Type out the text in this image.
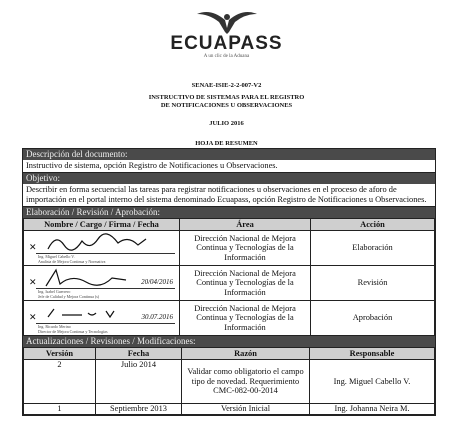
ECUAPASS
A un clic de la Aduana
SENAE-ISIE-2-2-007-V2
INSTRUCTIVO DE SISTEMAS PARA EL REGISTRO
DE NOTIFICACIONES U OBSERVACIONES
JULIO 2016
HOJA DE RESUMEN
Descripción del documento:
Instructivo de sistema, opción Registro de Notificaciones u Observaciones.
Objetivo:
Describir en forma secuencial las tareas para registrar notificaciones u observaciones en el proceso de aforo de importación en el portal interno del sistema denominado Ecuapass, opción Registro de Notificaciones u Observaciones.
Elaboración / Revisión / Aprobación:
Nombre / Cargo / Firma / Fecha	Área	Acción

✕
Ing. Miguel Cabello V.
Analista de Mejora Continua y Normativa	Dirección Nacional de Mejora Continua y Tecnologías de la Información	Elaboración

✕ 20/04/2016
Ing. Isabel Guerrero
Jefe de Calidad y Mejora Continua (s)	Dirección Nacional de Mejora Continua y Tecnologías de la Información	Revisión

✕ 30.07.2016
Ing. Ricardo Merino
Director de Mejora Continua y Tecnologías	Dirección Nacional de Mejora Continua y Tecnologías de la Información	Aprobación
Actualizaciones / Revisiones / Modificaciones:
Versión	Fecha	Razón	Responsable
2	Julio 2014	Validar como obligatorio el campo tipo de novedad. Requerimiento CMC-082-00-2014	Ing. Miguel Cabello V.
1	Septiembre 2013	Versión Inicial	Ing. Johanna Neira M.
